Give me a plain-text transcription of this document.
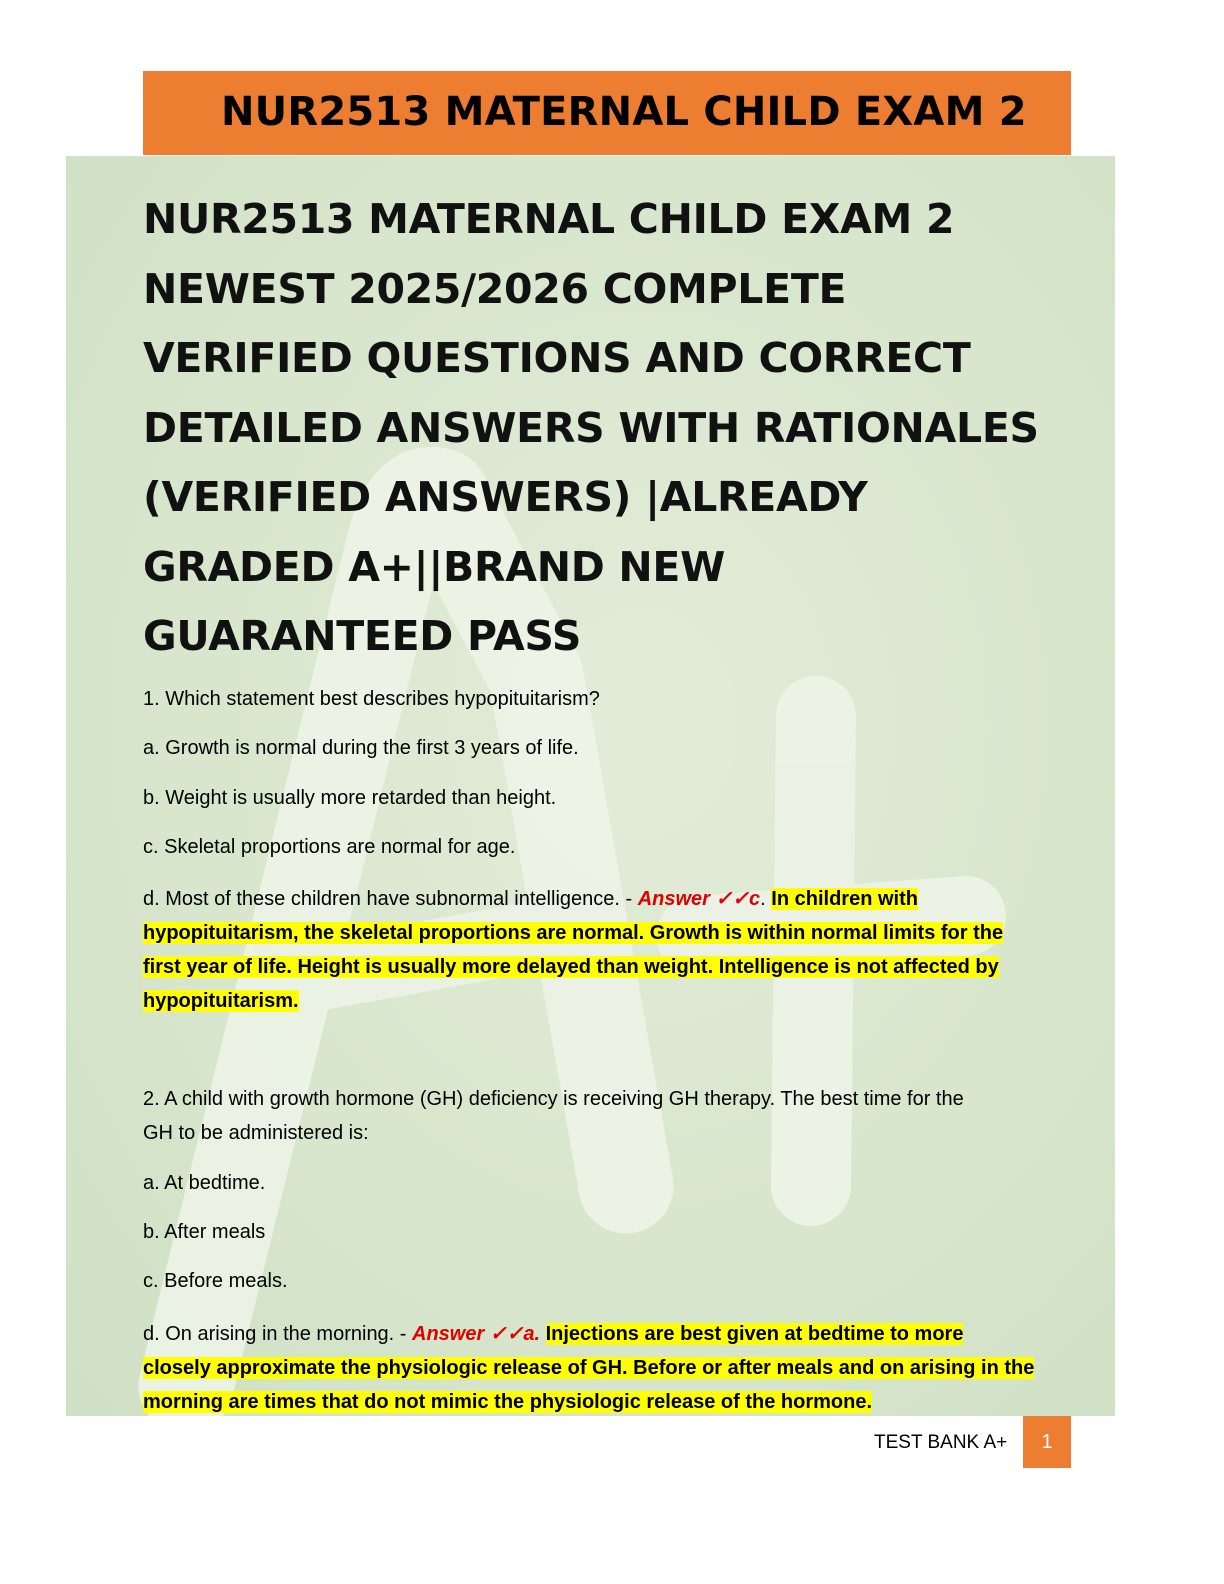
NUR2513 MATERNAL CHILD EXAM 2
NUR2513 MATERNAL CHILD EXAM 2
NEWEST 2025/2026 COMPLETE
VERIFIED QUESTIONS AND CORRECT
DETAILED ANSWERS WITH RATIONALES
(VERIFIED ANSWERS) |ALREADY
GRADED A+||BRAND NEW
GUARANTEED PASS
1. Which statement best describes hypopituitarism?
a. Growth is normal during the first 3 years of life.
b. Weight is usually more retarded than height.
c. Skeletal proportions are normal for age.
d. Most of these children have subnormal intelligence. - Answer ✓✓c. In children with
hypopituitarism, the skeletal proportions are normal. Growth is within normal limits for the
first year of life. Height is usually more delayed than weight. Intelligence is not affected by
hypopituitarism.
2. A child with growth hormone (GH) deficiency is receiving GH therapy. The best time for the
GH to be administered is:
a. At bedtime.
b. After meals
c. Before meals.
d. On arising in the morning. - Answer ✓✓a. Injections are best given at bedtime to more
closely approximate the physiologic release of GH. Before or after meals and on arising in the
morning are times that do not mimic the physiologic release of the hormone.
TEST BANK A+	1
